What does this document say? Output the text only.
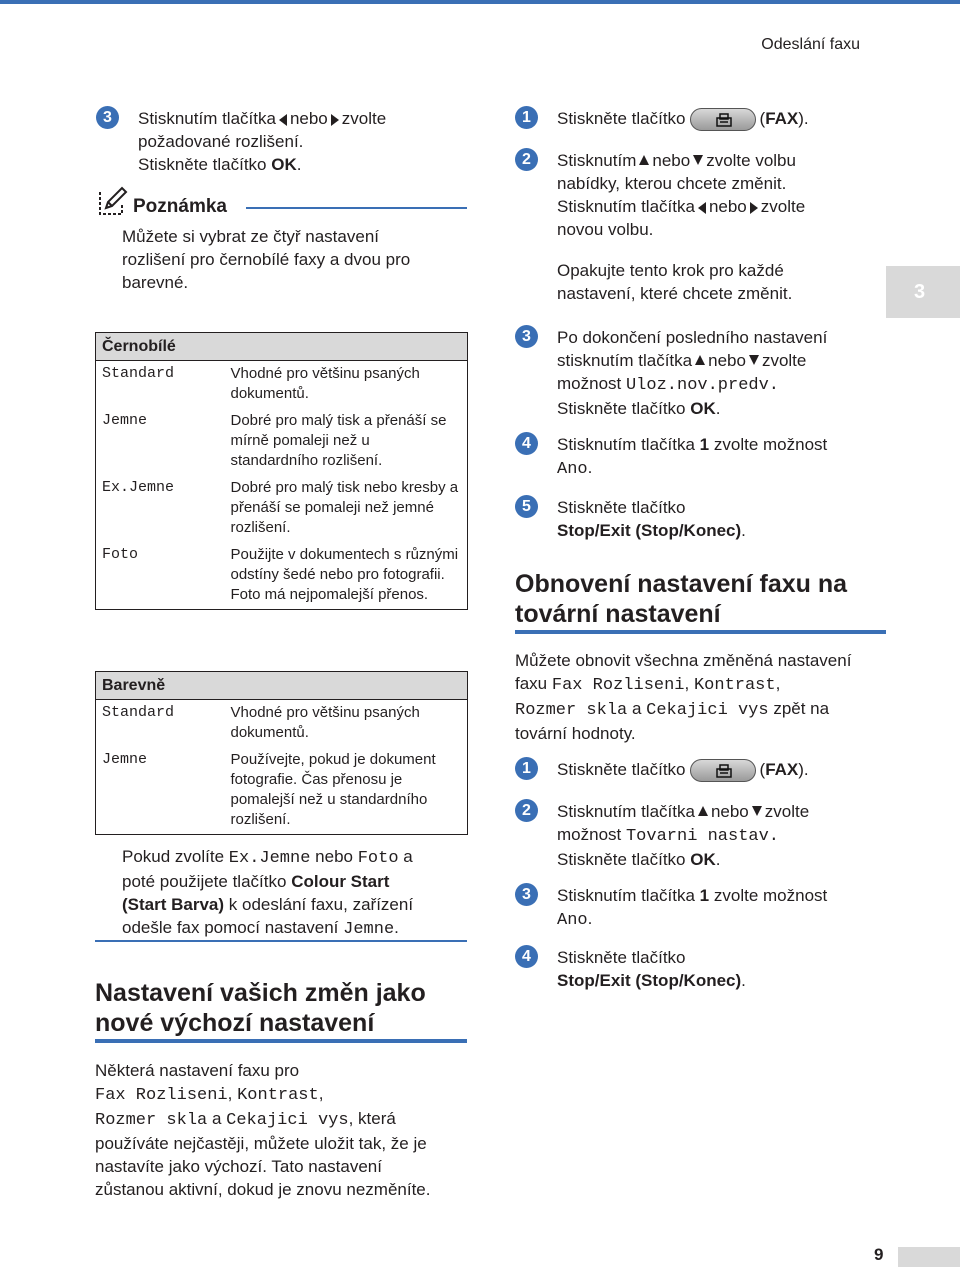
Odeslání faxu
3	Stisknutím tlačítka nebo zvolte
požadované rozlišení.
Stiskněte tlačítko OK.
Poznámka
Můžete si vybrat ze čtyř nastavení
rozlišení pro černobílé faxy a dvou pro
barevné.
Černobílé	
Standard	Vhodné pro většinu psaných dokumentů.
Jemne	Dobré pro malý tisk a přenáší se mírně pomaleji než u standardního rozlišení.
Ex.Jemne	Dobré pro malý tisk nebo kresby a přenáší se pomaleji než jemné rozlišení.
Foto	Použijte v dokumentech s různými odstíny šedé nebo pro fotografii. Foto má nejpomalejší přenos.
Barevně	
Standard	Vhodné pro většinu psaných dokumentů.
Jemne	Používejte, pokud je dokument fotografie. Čas přenosu je pomalejší než u standardního rozlišení.
Pokud zvolíte Ex.Jemne nebo Foto a
poté použijete tlačítko Colour Start
(Start Barva) k odeslání faxu, zařízení
odešle fax pomocí nastavení Jemne.
Nastavení vašich změn jako
nové výchozí nastavení
Některá nastavení faxu pro
Fax Rozliseni, Kontrast,
Rozmer skla a Cekajici vys, která
používáte nejčastěji, můžete uložit tak, že je
nastavíte jako výchozí. Tato nastavení
zůstanou aktivní, dokud je znovu nezměníte.
1	Stiskněte tlačítko	(FAX).
2	Stisknutím nebo zvolte volbu
nabídky, kterou chcete změnit.
Stisknutím tlačítka nebo zvolte
novou volbu.
Opakujte tento krok pro každé
nastavení, které chcete změnit.
3	Po dokončení posledního nastavení
stisknutím tlačítka nebo zvolte
možnost Uloz.nov.predv.
Stiskněte tlačítko OK.
4	Stisknutím tlačítka 1 zvolte možnost
Ano.
5	Stiskněte tlačítko
Stop/Exit (Stop/Konec).
Obnovení nastavení faxu na
tovární nastavení
Můžete obnovit všechna změněná nastavení
faxu Fax Rozliseni, Kontrast,
Rozmer skla a Cekajici vys zpět na
tovární hodnoty.
1	Stiskněte tlačítko	(FAX).
2	Stisknutím tlačítka nebo zvolte
možnost Tovarni nastav.
Stiskněte tlačítko OK.
3	Stisknutím tlačítka 1 zvolte možnost
Ano.
4	Stiskněte tlačítko
Stop/Exit (Stop/Konec).
3
9
